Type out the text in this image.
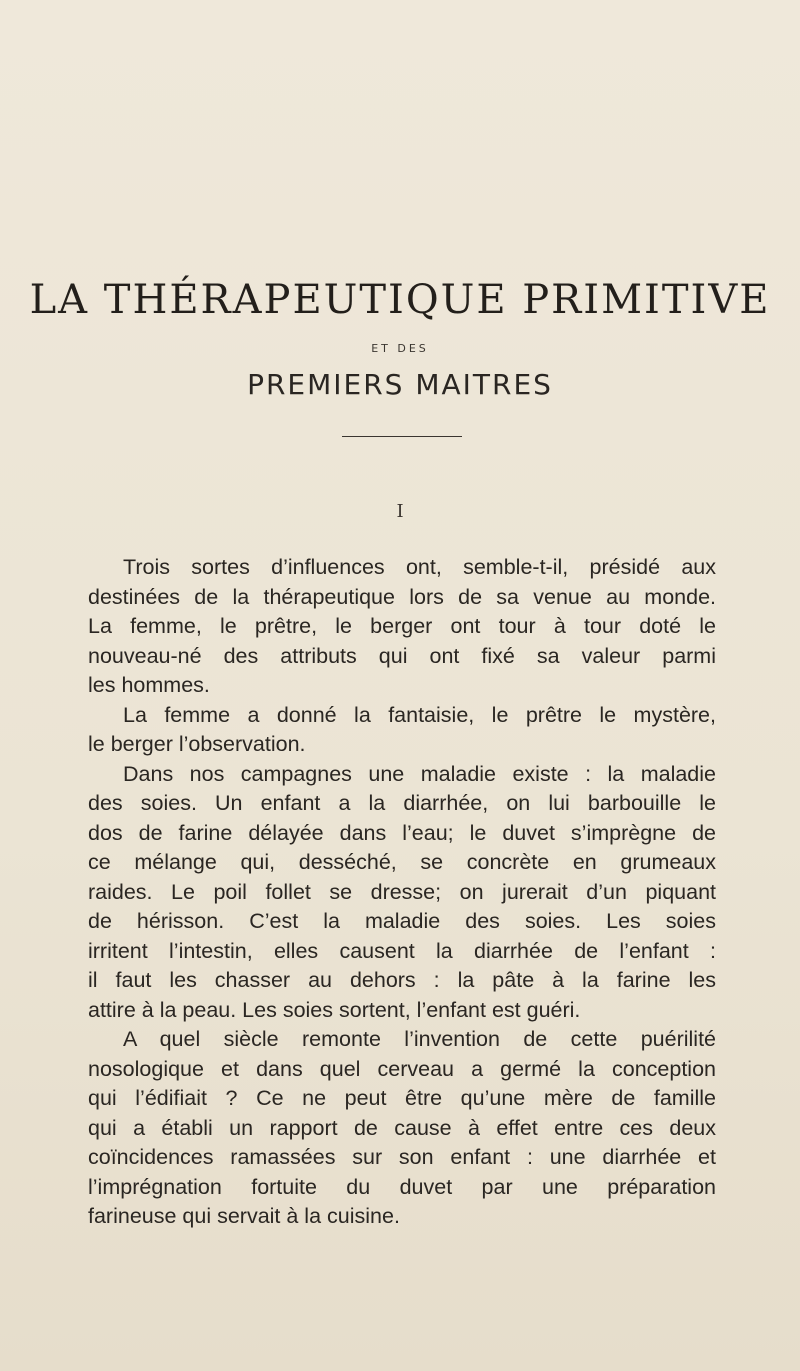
LA THÉRAPEUTIQUE PRIMITIVE
ET DES
PREMIERS MAITRES
I
Trois sortes d’influences ont, semble-t-il, présidé aux
destinées de la thérapeutique lors de sa venue au monde.
La femme, le prêtre, le berger ont tour à tour doté le
nouveau-né des attributs qui ont fixé sa valeur parmi
les hommes.
La femme a donné la fantaisie, le prêtre le mystère,
le berger l’observation.
Dans nos campagnes une maladie existe : la maladie
des soies. Un enfant a la diarrhée, on lui barbouille le
dos de farine délayée dans l’eau; le duvet s’imprègne de
ce mélange qui, desséché, se concrète en grumeaux
raides. Le poil follet se dresse; on jurerait d’un piquant
de hérisson. C’est la maladie des soies. Les soies
irritent l’intestin, elles causent la diarrhée de l’enfant :
il faut les chasser au dehors : la pâte à la farine les
attire à la peau. Les soies sortent, l’enfant est guéri.
A quel siècle remonte l’invention de cette puérilité
nosologique et dans quel cerveau a germé la conception
qui l’édifiait ? Ce ne peut être qu’une mère de famille
qui a établi un rapport de cause à effet entre ces deux
coïncidences ramassées sur son enfant : une diarrhée et
l’imprégnation fortuite du duvet par une préparation
farineuse qui servait à la cuisine.
